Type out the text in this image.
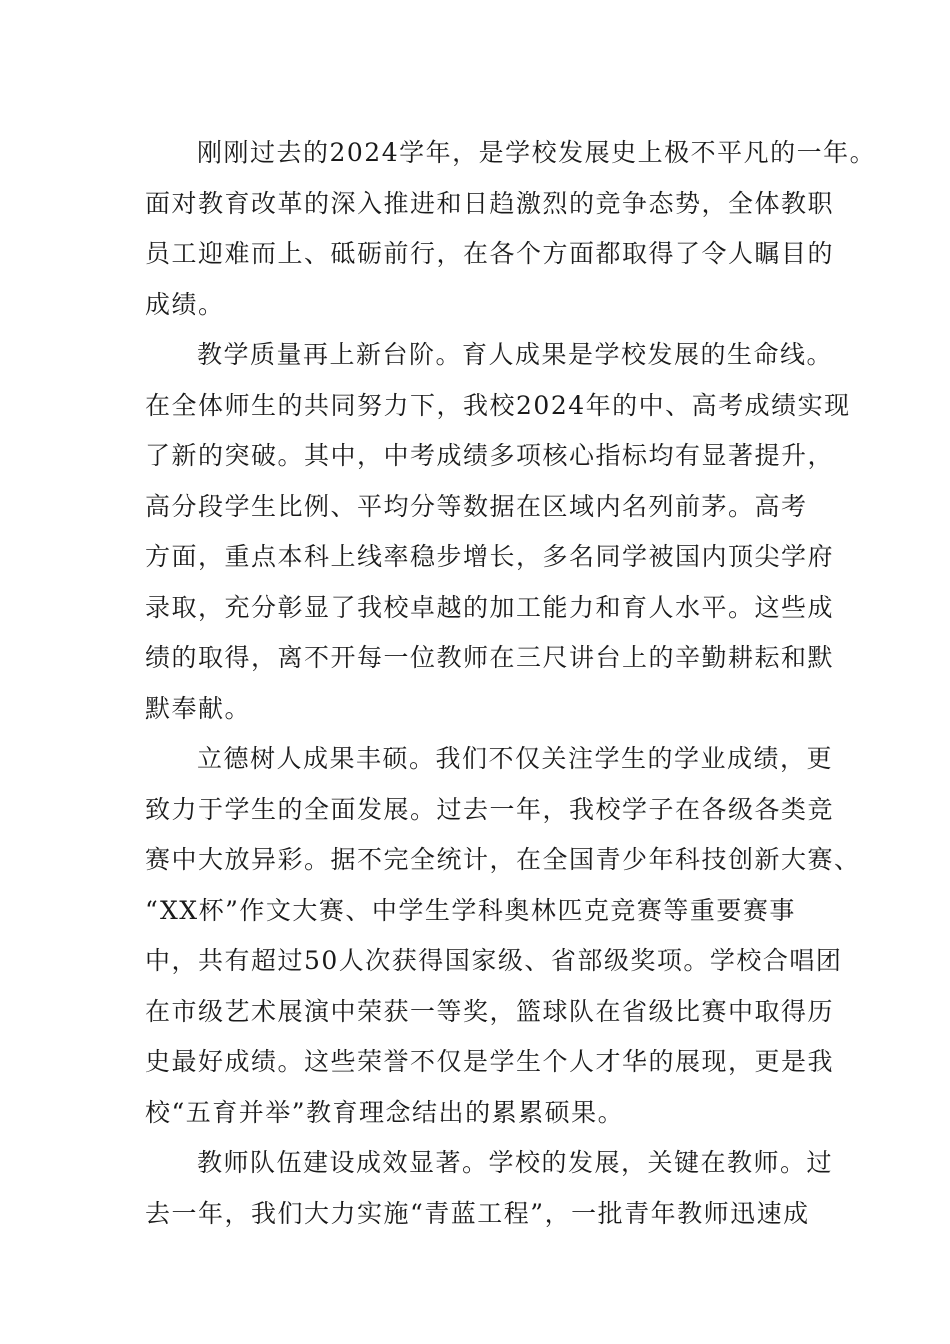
刚刚过去的2024学年，是学校发展史上极不平凡的一年。
面对教育改革的深入推进和日趋激烈的竞争态势，全体教职
员工迎难而上、砥砺前行，在各个方面都取得了令人瞩目的
成绩。
教学质量再上新台阶。育人成果是学校发展的生命线。
在全体师生的共同努力下，我校2024年的中、高考成绩实现
了新的突破。其中，中考成绩多项核心指标均有显著提升，
高分段学生比例、平均分等数据在区域内名列前茅。高考
方面，重点本科上线率稳步增长，多名同学被国内顶尖学府
录取，充分彰显了我校卓越的加工能力和育人水平。这些成
绩的取得，离不开每一位教师在三尺讲台上的辛勤耕耘和默
默奉献。
立德树人成果丰硕。我们不仅关注学生的学业成绩，更
致力于学生的全面发展。过去一年，我校学子在各级各类竞
赛中大放异彩。据不完全统计，在全国青少年科技创新大赛、
“XX杯”作文大赛、中学生学科奥林匹克竞赛等重要赛事
中，共有超过50人次获得国家级、省部级奖项。学校合唱团
在市级艺术展演中荣获一等奖，篮球队在省级比赛中取得历
史最好成绩。这些荣誉不仅是学生个人才华的展现，更是我
校“五育并举”教育理念结出的累累硕果。
教师队伍建设成效显著。学校的发展，关键在教师。过
去一年，我们大力实施“青蓝工程”，一批青年教师迅速成
